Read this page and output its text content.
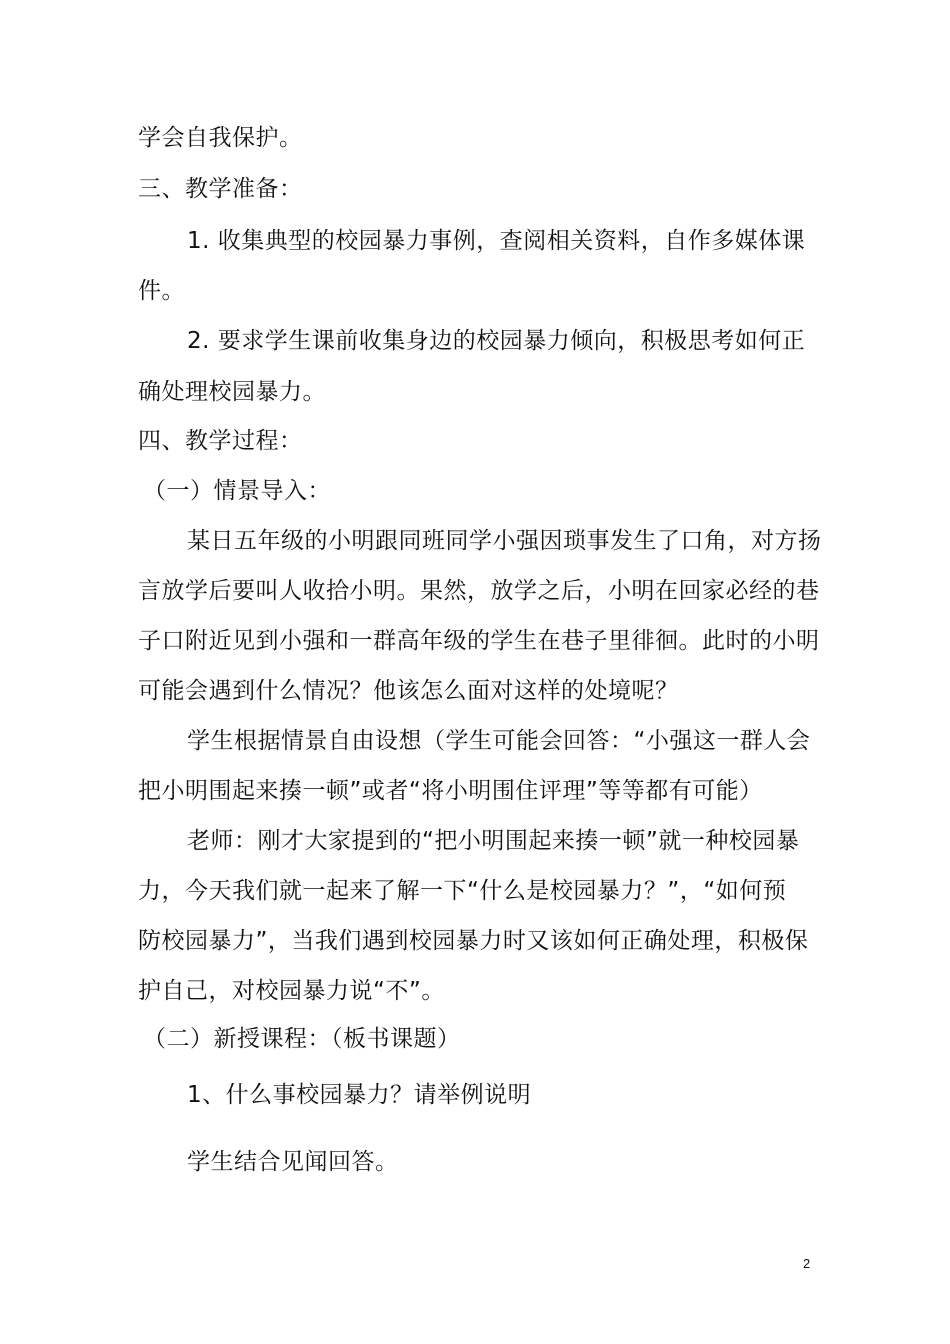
学会自我保护。
三、教学准备：
1. 收集典型的校园暴力事例，查阅相关资料，自作多媒体课
件。
2. 要求学生课前收集身边的校园暴力倾向，积极思考如何正
确处理校园暴力。
四、教学过程：
（一）情景导入：
某日五年级的小明跟同班同学小强因琐事发生了口角，对方扬
言放学后要叫人收拾小明。果然，放学之后，小明在回家必经的巷
子口附近见到小强和一群高年级的学生在巷子里徘徊。此时的小明
可能会遇到什么情况？他该怎么面对这样的处境呢？
学生根据情景自由设想（学生可能会回答：“小强这一群人会
把小明围起来揍一顿”或者“将小明围住评理”等等都有可能）
老师：刚才大家提到的“把小明围起来揍一顿”就一种校园暴
力，今天我们就一起来了解一下“什么是校园暴力？”，“如何预
防校园暴力”，当我们遇到校园暴力时又该如何正确处理，积极保
护自己，对校园暴力说“不”。
（二）新授课程：（板书课题）
1、什么事校园暴力？请举例说明
学生结合见闻回答。
2
